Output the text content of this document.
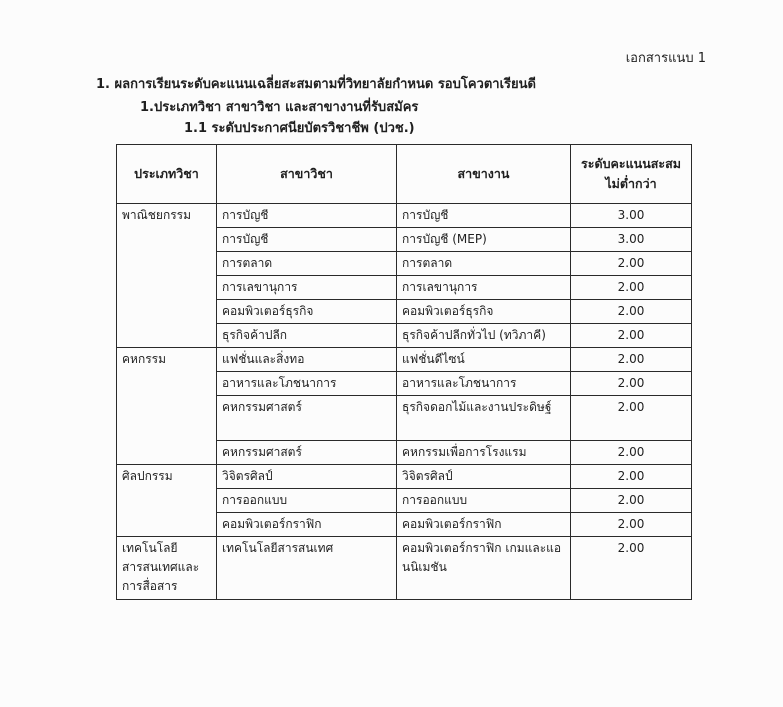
เอกสารแนบ 1
1. ผลการเรียนระดับคะแนนเฉลี่ยสะสมตามที่วิทยาลัยกำหนด รอบโควตาเรียนดี
1.ประเภทวิชา สาขาวิชา และสาขางานที่รับสมัคร
1.1 ระดับประกาศนียบัตรวิชาชีพ (ปวช.)
ประเภทวิชา	สาขาวิชา	สาขางาน	ระดับคะแนนสะสม
ไม่ต่ำกว่า

พาณิชยกรรม	การบัญชี	การบัญชี	3.00
	การบัญชี	การบัญชี (MEP)	3.00
	การตลาด	การตลาด	2.00
	การเลขานุการ	การเลขานุการ	2.00
	คอมพิวเตอร์ธุรกิจ	คอมพิวเตอร์ธุรกิจ	2.00
	ธุรกิจค้าปลีก	ธุรกิจค้าปลีกทั่วไป (ทวิภาคี)	2.00
คหกรรม	แฟชั่นและสิ่งทอ	แฟชั่นดีไซน์	2.00
	อาหารและโภชนาการ	อาหารและโภชนาการ	2.00
	คหกรรมศาสตร์	ธุรกิจดอกไม้และงานประดิษฐ์	2.00
	คหกรรมศาสตร์	คหกรรมเพื่อการโรงแรม	2.00
ศิลปกรรม	วิจิตรศิลป์	วิจิตรศิลป์	2.00
	การออกแบบ	การออกแบบ	2.00
	คอมพิวเตอร์กราฟิก	คอมพิวเตอร์กราฟิก	2.00
เทคโนโลยีสารสนเทศและการสื่อสาร	เทคโนโลยีสารสนเทศ	คอมพิวเตอร์กราฟิก เกมและแอนนิเมชัน	2.00
